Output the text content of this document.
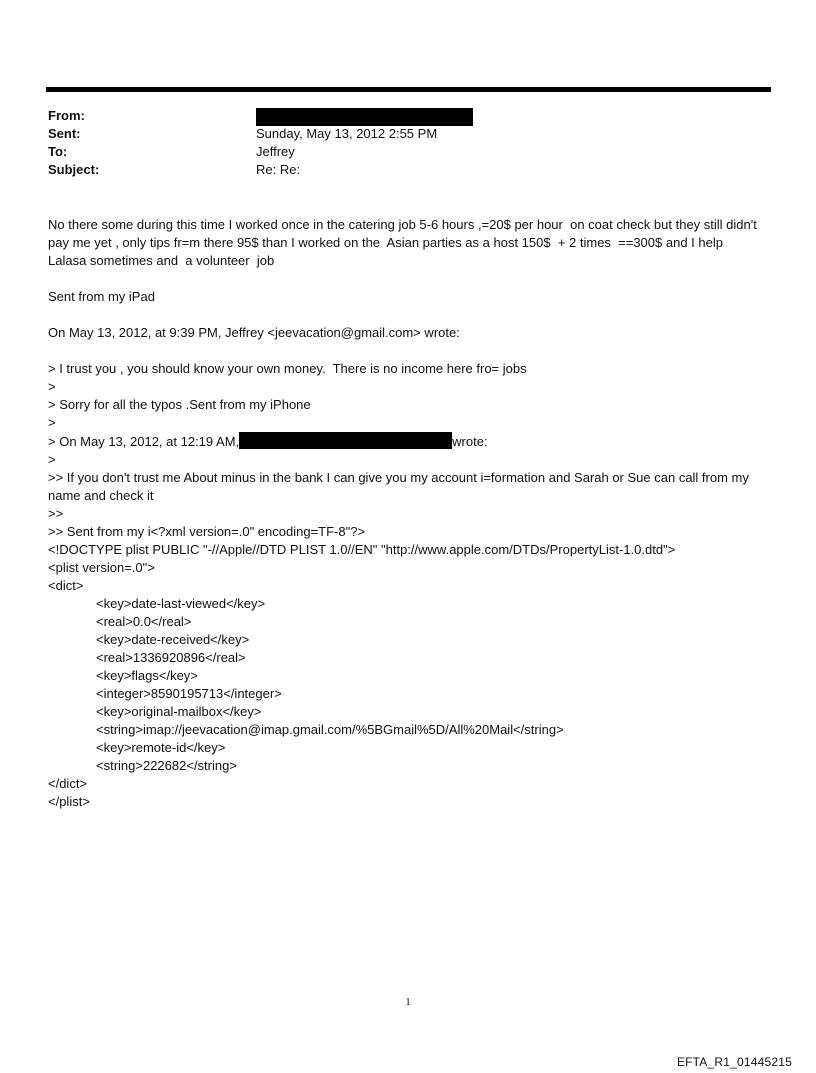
From:
Sent:	Sunday, May 13, 2012 2:55 PM
To:	Jeffrey
Subject:	Re: Re:

No there some during this time I worked once in the catering job 5-6 hours ,=20$ per hour  on coat check but they still didn't pay me yet , only tips fr=m there 95$ than I worked on the  Asian parties as a host 150$  + 2 times  ==300$ and I help  Lalasa sometimes and  a volunteer  job

Sent from my iPad

On May 13, 2012, at 9:39 PM, Jeffrey <jeevacation@gmail.com> wrote:

> I trust you , you should know your own money.  There is no income here fro= jobs

>

> Sorry for all the typos .Sent from my iPhone

>

> On May 13, 2012, at 12:19 AM,	wrote:

>

>> If you don't trust me About minus in the bank I can give you my account i=formation and Sarah or Sue can call from my name and check it

>>

>> Sent from my i<?xml version=.0" encoding=TF-8"?>

<!DOCTYPE plist PUBLIC "-//Apple//DTD PLIST 1.0//EN" "http://www.apple.com/DTDs/PropertyList-1.0.dtd">

<plist version=.0">

<dict>

<key>date-last-viewed</key>

<real>0.0</real>

<key>date-received</key>

<real>1336920896</real>

<key>flags</key>

<integer>8590195713</integer>

<key>original-mailbox</key>

<string>imap://jeevacation@imap.gmail.com/%5BGmail%5D/All%20Mail</string>

<key>remote-id</key>

<string>222682</string>

</dict>

</plist>

1
EFTA_R1_01445215
